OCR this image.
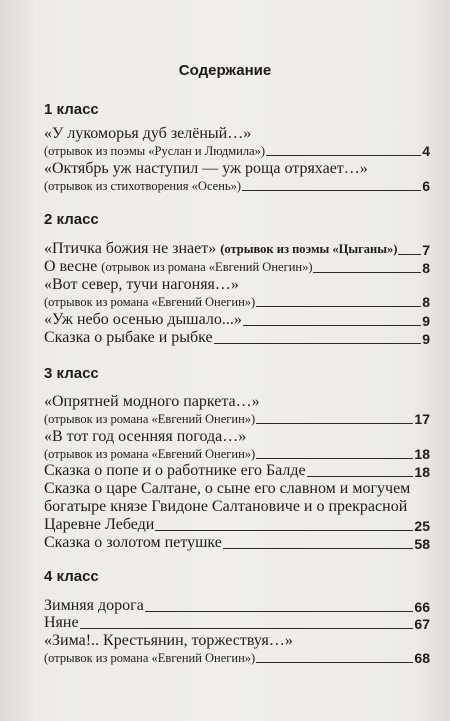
Содержание
1 класс
«У лукоморья дуб зелёный…»
(отрывок из поэмы «Руслан и Людмила»)	4
«Октябрь уж наступил — уж роща отряхает…»
(отрывок из стихотворения «Осень»)	6
2 класс
«Птичка божия не знает» (отрывок из поэмы «Цыганы») 7
О весне (отрывок из романа «Евгений Онегин»)	8
«Вот север, тучи нагоняя…»
(отрывок из романа «Евгений Онегин»)	8
«Уж небо осенью дышало...»	9
Сказка о рыбаке и рыбке	9
3 класс
«Опрятней модного паркета…»
(отрывок из романа «Евгений Онегин»)	17
«В тот год осенняя погода…»
(отрывок из романа «Евгений Онегин»)	18
Сказка о попе и о работнике его Балде	18
Сказка о царе Салтане, о сыне его славном и могучем
богатыре князе Гвидоне Салтановиче и о прекрасной
Царевне Лебеди	25
Сказка о золотом петушке	58
4 класс
Зимняя дорога	66
Няне	67
«Зима!.. Крестьянин, торжествуя…»
(отрывок из романа «Евгений Онегин»)	68
